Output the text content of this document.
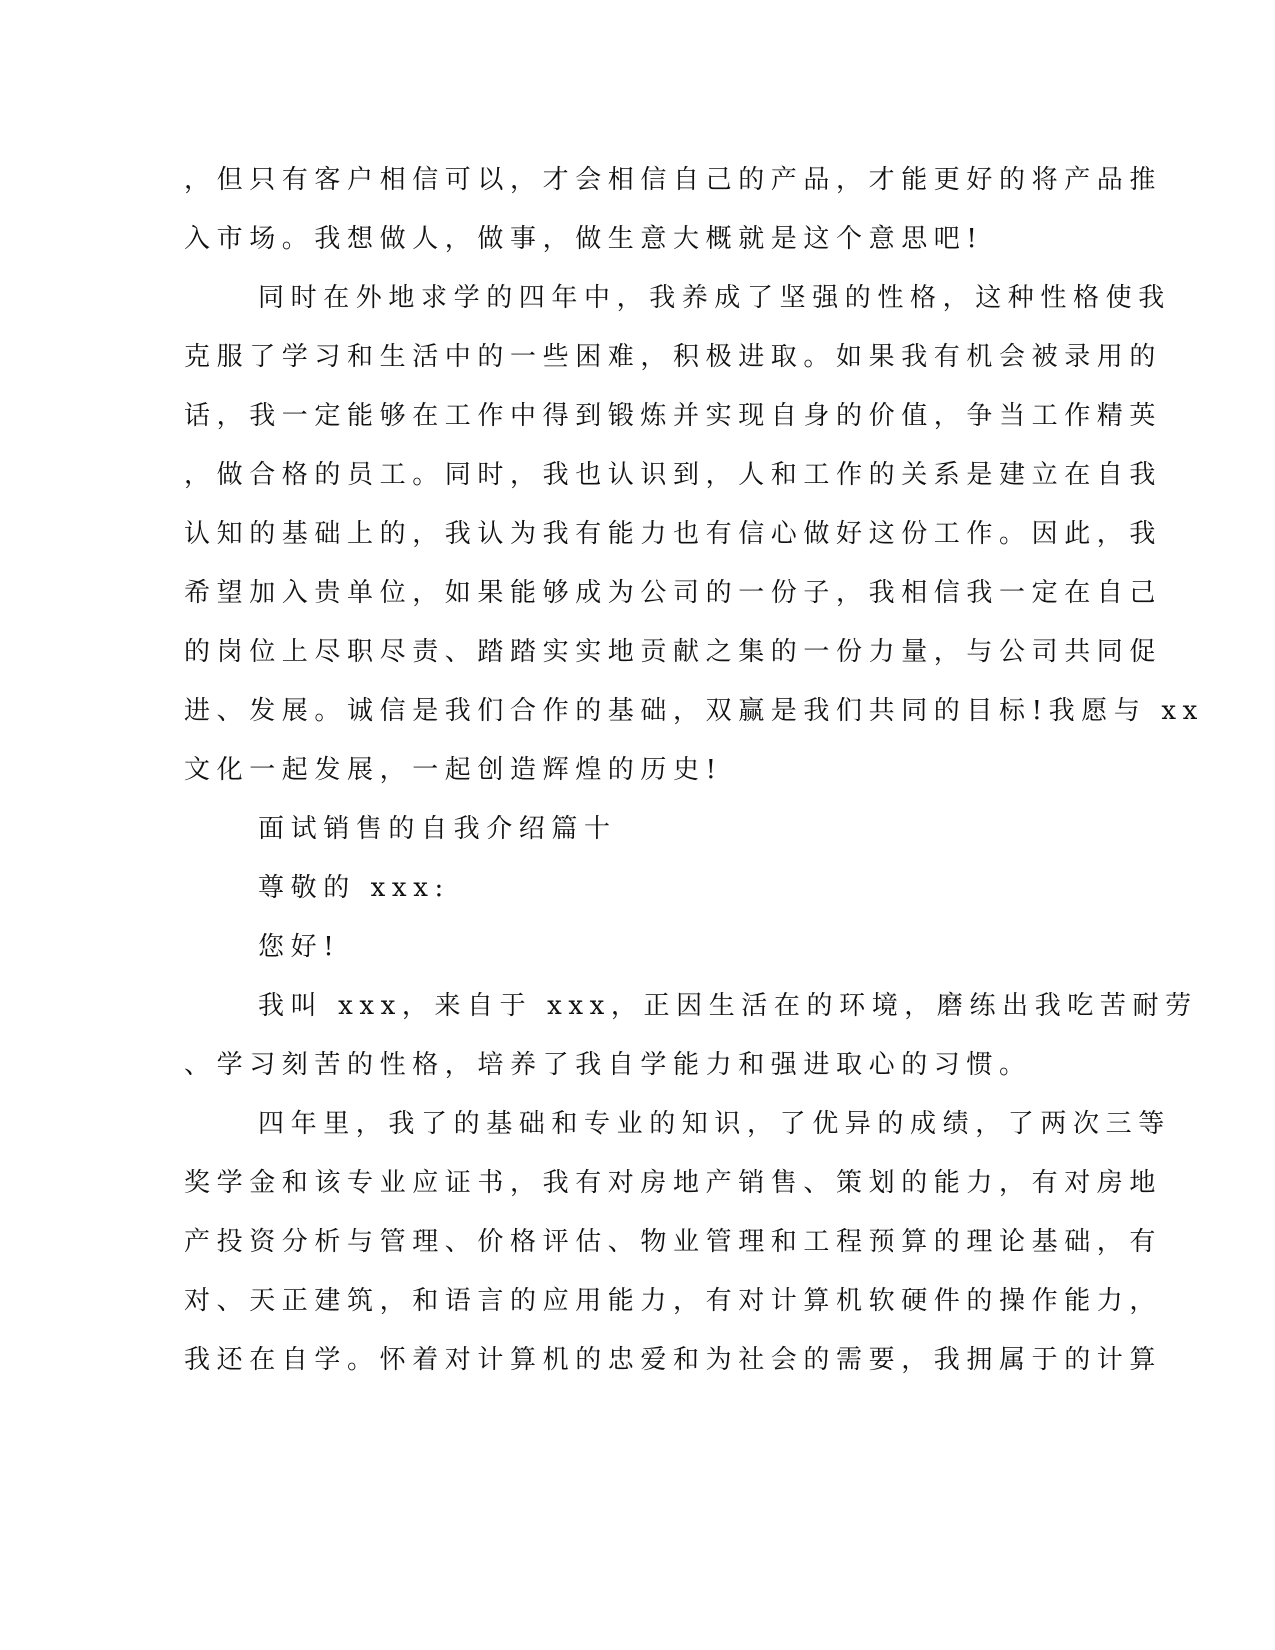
，但只有客户相信可以，才会相信自己的产品，才能更好的将产品推
入市场。我想做人，做事，做生意大概就是这个意思吧!
同时在外地求学的四年中，我养成了坚强的性格，这种性格使我
克服了学习和生活中的一些困难，积极进取。如果我有机会被录用的
话，我一定能够在工作中得到锻炼并实现自身的价值，争当工作精英
，做合格的员工。同时，我也认识到，人和工作的关系是建立在自我
认知的基础上的，我认为我有能力也有信心做好这份工作。因此，我
希望加入贵单位，如果能够成为公司的一份子，我相信我一定在自己
的岗位上尽职尽责、踏踏实实地贡献之集的一份力量，与公司共同促
进、发展。诚信是我们合作的基础，双赢是我们共同的目标!我愿与 xx
文化一起发展，一起创造辉煌的历史!
面试销售的自我介绍篇十
尊敬的 xxx:
您好!
我叫 xxx，来自于 xxx，正因生活在的环境，磨练出我吃苦耐劳
、学习刻苦的性格，培养了我自学能力和强进取心的习惯。
四年里，我了的基础和专业的知识，了优异的成绩，了两次三等
奖学金和该专业应证书，我有对房地产销售、策划的能力，有对房地
产投资分析与管理、价格评估、物业管理和工程预算的理论基础，有
对、天正建筑，和语言的应用能力，有对计算机软硬件的操作能力，
我还在自学。怀着对计算机的忠爱和为社会的需要，我拥属于的计算
